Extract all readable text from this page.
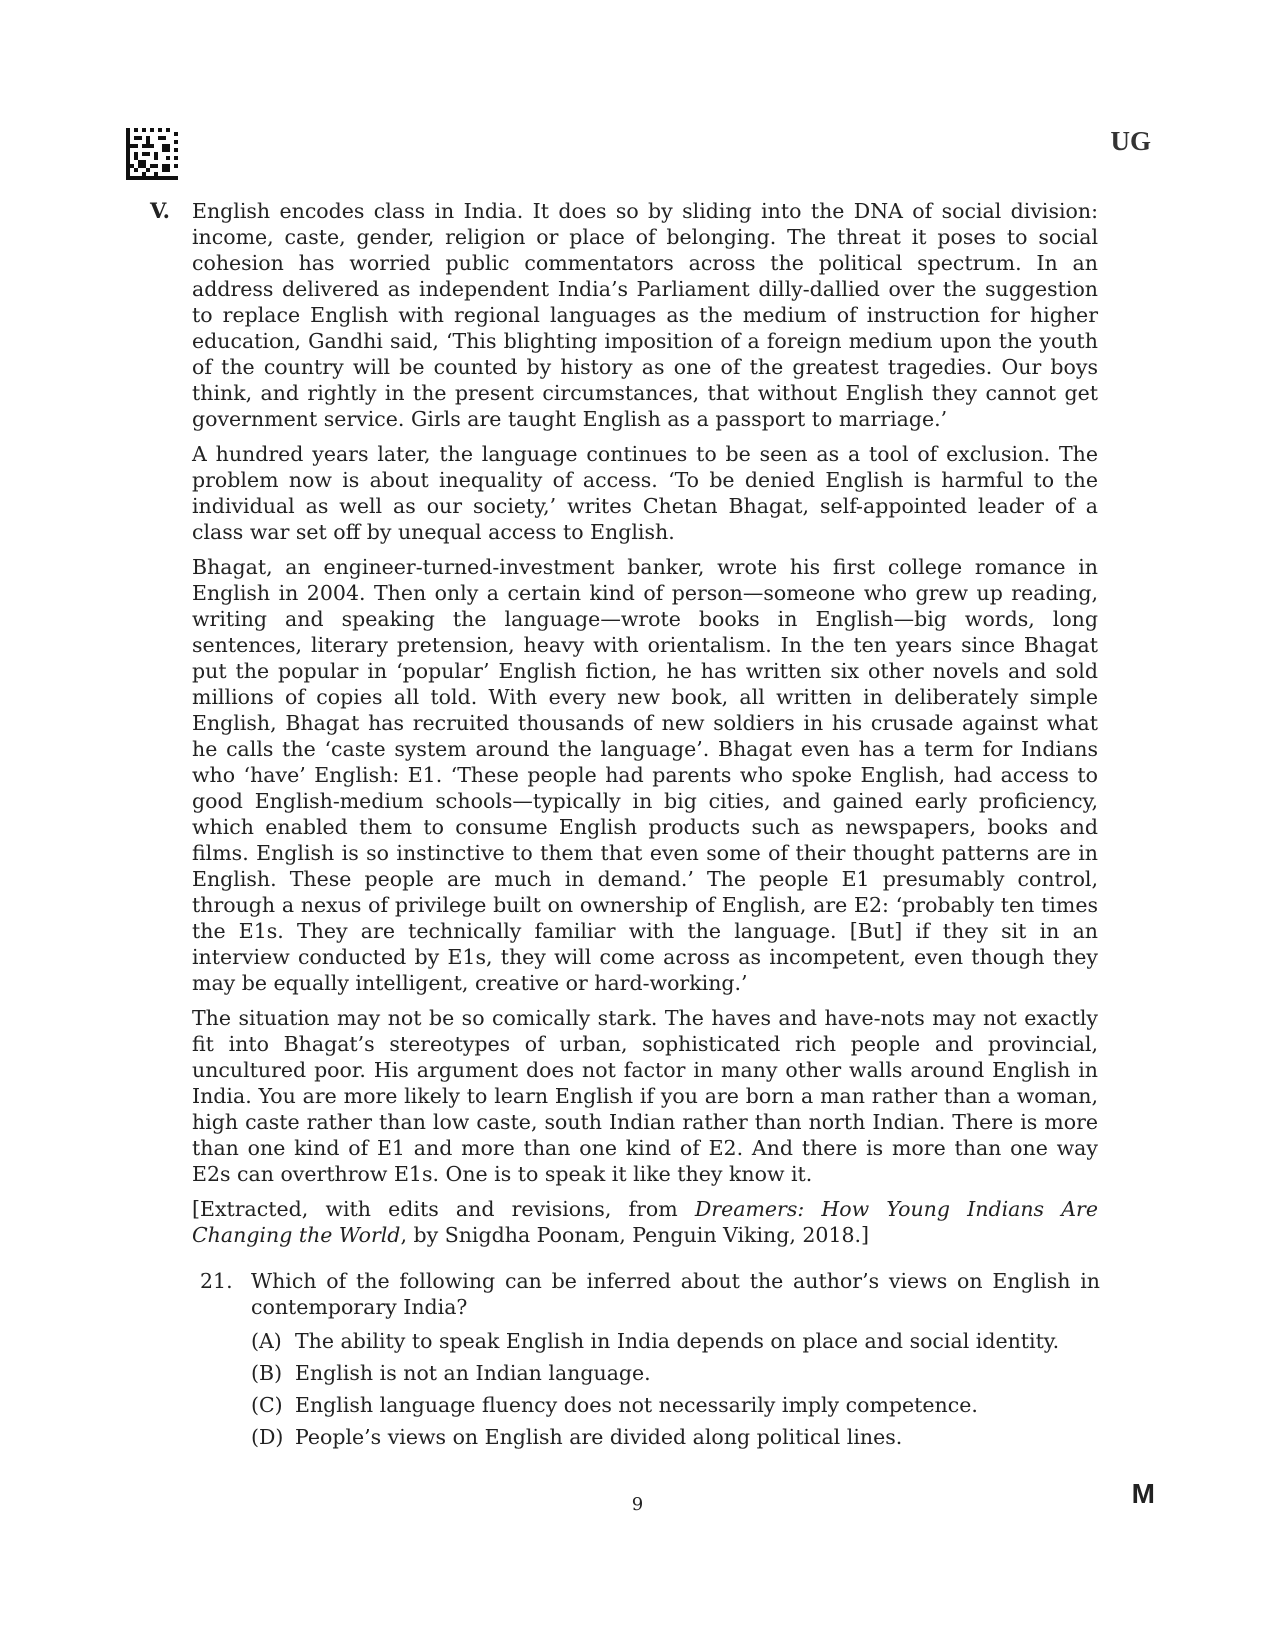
UG
V. English encodes class in India. It does so by sliding into the DNA of social division: income, caste, gender, religion or place of belonging. The threat it poses to social cohesion has worried public commentators across the political spectrum. In an address delivered as independent India’s Parliament dilly-dallied over the suggestion to replace English with regional languages as the medium of instruction for higher education, Gandhi said, ‘This blighting imposition of a foreign medium upon the youth of the country will be counted by history as one of the greatest tragedies. Our boys think, and rightly in the present circumstances, that without English they cannot get government service. Girls are taught English as a passport to marriage.’

A hundred years later, the language continues to be seen as a tool of exclusion. The problem now is about inequality of access. ‘To be denied English is harmful to the individual as well as our society,’ writes Chetan Bhagat, self-appointed leader of a class war set off by unequal access to English.

Bhagat, an engineer-turned-investment banker, wrote his first college romance in English in 2004. Then only a certain kind of person—someone who grew up reading, writing and speaking the language—wrote books in English—big words, long sentences, literary pretension, heavy with orientalism. In the ten years since Bhagat put the popular in ‘popular’ English fiction, he has written six other novels and sold millions of copies all told. With every new book, all written in deliberately simple English, Bhagat has recruited thousands of new soldiers in his crusade against what he calls the ‘caste system around the language’. Bhagat even has a term for Indians who ‘have’ English: E1. ‘These people had parents who spoke English, had access to good English-medium schools—typically in big cities, and gained early proficiency, which enabled them to consume English products such as newspapers, books and films. English is so instinctive to them that even some of their thought patterns are in English. These people are much in demand.’ The people E1 presumably control, through a nexus of privilege built on ownership of English, are E2: ‘probably ten times the E1s. They are technically familiar with the language. [But] if they sit in an interview conducted by E1s, they will come across as incompetent, even though they may be equally intelligent, creative or hard-working.’

The situation may not be so comically stark. The haves and have-nots may not exactly fit into Bhagat’s stereotypes of urban, sophisticated rich people and provincial, uncultured poor. His argument does not factor in many other walls around English in India. You are more likely to learn English if you are born a man rather than a woman, high caste rather than low caste, south Indian rather than north Indian. There is more than one kind of E1 and more than one kind of E2. And there is more than one way E2s can overthrow E1s. One is to speak it like they know it.

[Extracted, with edits and revisions, from Dreamers: How Young Indians Are Changing the World, by Snigdha Poonam, Penguin Viking, 2018.]

21. Which of the following can be inferred about the author’s views on English in contemporary India?
(A) The ability to speak English in India depends on place and social identity.
(B) English is not an Indian language.
(C) English language fluency does not necessarily imply competence.
(D) People’s views on English are divided along political lines.
9	M
